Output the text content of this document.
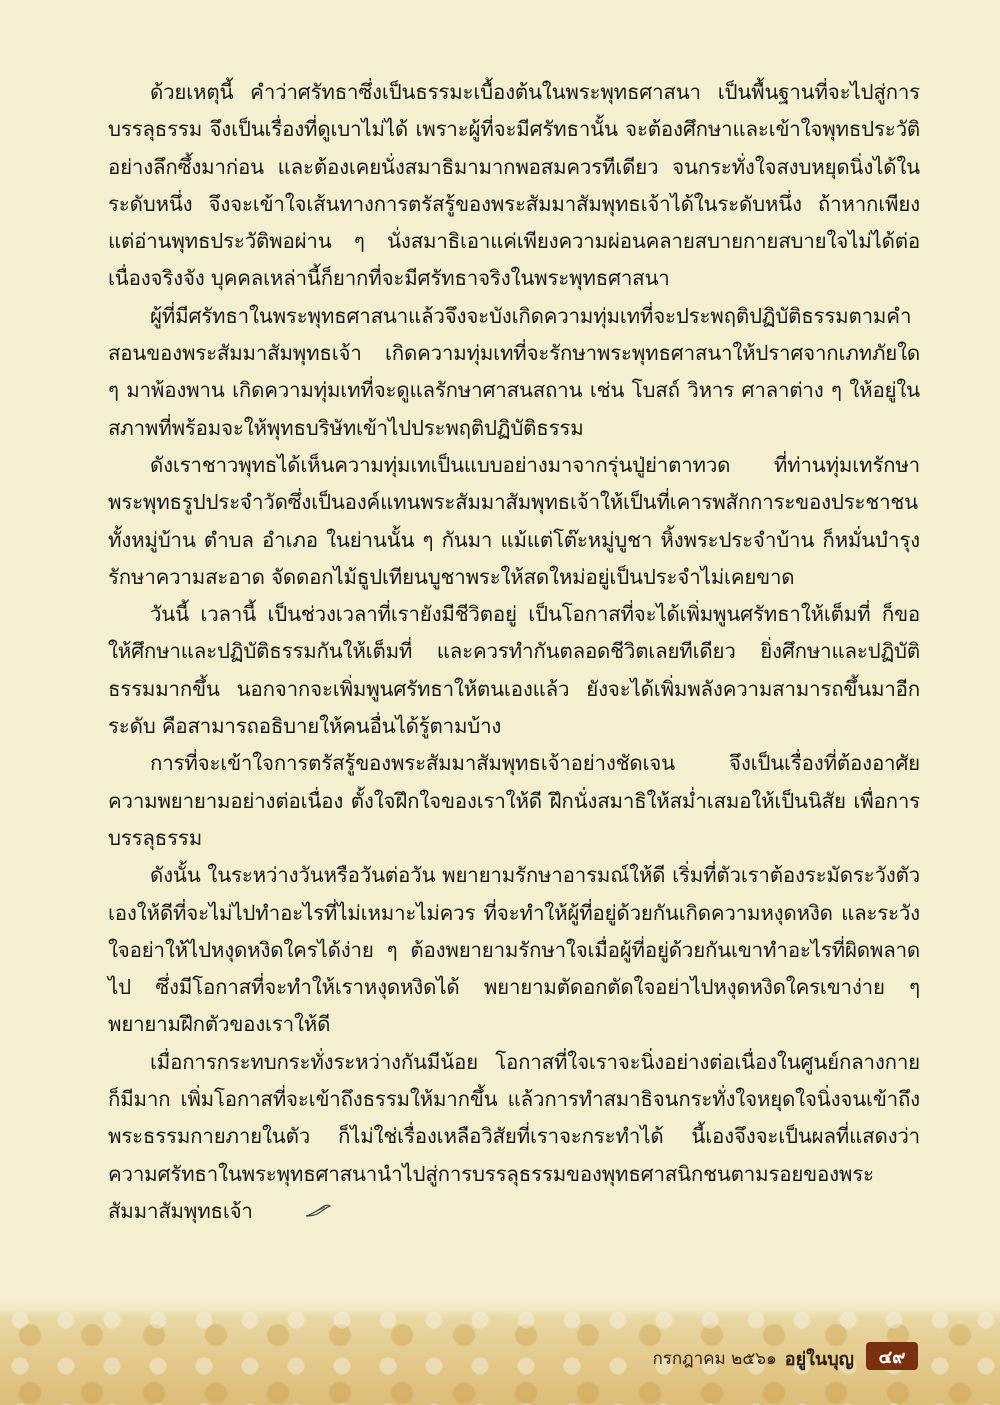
ด้วยเหตุนี้ คำว่าศรัทธาซึ่งเป็นธรรมะเบื้องต้นในพระพุทธศาสนา เป็นพื้นฐานที่จะไปสู่การบรรลุธรรม จึงเป็นเรื่องที่ดูเบาไม่ได้ เพราะผู้ที่จะมีศรัทธานั้น จะต้องศึกษาและเข้าใจพุทธประวัติอย่างลึกซึ้งมาก่อน และต้องเคยนั่งสมาธิมามากพอสมควรทีเดียว จนกระทั่งใจสงบหยุดนิ่งได้ในระดับหนึ่ง จึงจะเข้าใจเส้นทางการตรัสรู้ของพระสัมมาสัมพุทธเจ้าได้ในระดับหนึ่ง ถ้าหากเพียงแต่อ่านพุทธประวัติพอผ่าน ๆ นั่งสมาธิเอาแค่เพียงความผ่อนคลายสบายกายสบายใจไม่ได้ต่อเนื่องจริงจัง บุคคลเหล่านี้ก็ยากที่จะมีศรัทธาจริงในพระพุทธศาสนา

ผู้ที่มีศรัทธาในพระพุทธศาสนาแล้วจึงจะบังเกิดความทุ่มเทที่จะประพฤติปฏิบัติธรรมตามคำสอนของพระสัมมาสัมพุทธเจ้า เกิดความทุ่มเทที่จะรักษาพระพุทธศาสนาให้ปราศจากเภทภัยใด ๆ มาพ้องพาน เกิดความทุ่มเทที่จะดูแลรักษาศาสนสถาน เช่น โบสถ์ วิหาร ศาลาต่าง ๆ ให้อยู่ในสภาพที่พร้อมจะให้พุทธบริษัทเข้าไปประพฤติปฏิบัติธรรม

ดังเราชาวพุทธได้เห็นความทุ่มเทเป็นแบบอย่างมาจากรุ่นปู่ย่าตาทวด ที่ท่านทุ่มเทรักษาพระพุทธรูปประจำวัดซึ่งเป็นองค์แทนพระสัมมาสัมพุทธเจ้าให้เป็นที่เคารพสักการะของประชาชนทั้งหมู่บ้าน ตำบล อำเภอ ในย่านนั้น ๆ กันมา แม้แต่โต๊ะหมู่บูชา หิ้งพระประจำบ้าน ก็หมั่นบำรุงรักษาความสะอาด จัดดอกไม้ธูปเทียนบูชาพระให้สดใหม่อยู่เป็นประจำไม่เคยขาด

วันนี้ เวลานี้ เป็นช่วงเวลาที่เรายังมีชีวิตอยู่ เป็นโอกาสที่จะได้เพิ่มพูนศรัทธาให้เต็มที่ ก็ขอให้ศึกษาและปฏิบัติธรรมกันให้เต็มที่ และควรทำกันตลอดชีวิตเลยทีเดียว ยิ่งศึกษาและปฏิบัติธรรมมากขึ้น นอกจากจะเพิ่มพูนศรัทธาให้ตนเองแล้ว ยังจะได้เพิ่มพลังความสามารถขึ้นมาอีกระดับ คือสามารถอธิบายให้คนอื่นได้รู้ตามบ้าง

การที่จะเข้าใจการตรัสรู้ของพระสัมมาสัมพุทธเจ้าอย่างชัดเจน จึงเป็นเรื่องที่ต้องอาศัยความพยายามอย่างต่อเนื่อง ตั้งใจฝึกใจของเราให้ดี ฝึกนั่งสมาธิให้สม่ำเสมอให้เป็นนิสัย เพื่อการบรรลุธรรม

ดังนั้น ในระหว่างวันหรือวันต่อวัน พยายามรักษาอารมณ์ให้ดี เริ่มที่ตัวเราต้องระมัดระวังตัวเองให้ดีที่จะไม่ไปทำอะไรที่ไม่เหมาะไม่ควร ที่จะทำให้ผู้ที่อยู่ด้วยกันเกิดความหงุดหงิด และระวังใจอย่าให้ไปหงุดหงิดใครได้ง่าย ๆ ต้องพยายามรักษาใจเมื่อผู้ที่อยู่ด้วยกันเขาทำอะไรที่ผิดพลาดไป ซึ่งมีโอกาสที่จะทำให้เราหงุดหงิดได้ พยายามตัดอกตัดใจอย่าไปหงุดหงิดใครเขาง่าย ๆ พยายามฝึกตัวของเราให้ดี

เมื่อการกระทบกระทั่งระหว่างกันมีน้อย โอกาสที่ใจเราจะนิ่งอย่างต่อเนื่องในศูนย์กลางกายก็มีมาก เพิ่มโอกาสที่จะเข้าถึงธรรมให้มากขึ้น แล้วการทำสมาธิจนกระทั่งใจหยุดใจนิ่งจนเข้าถึงพระธรรมกายภายในตัว ก็ไม่ใช่เรื่องเหลือวิสัยที่เราจะกระทำได้ นี้เองจึงจะเป็นผลที่แสดงว่าความศรัทธาในพระพุทธศาสนานำไปสู่การบรรลุธรรมของพุทธศาสนิกชนตามรอยของพระสัมมาสัมพุทธเจ้า

กรกฎาคม ๒๕๖๑ อยู่ในบุญ	๔๙
